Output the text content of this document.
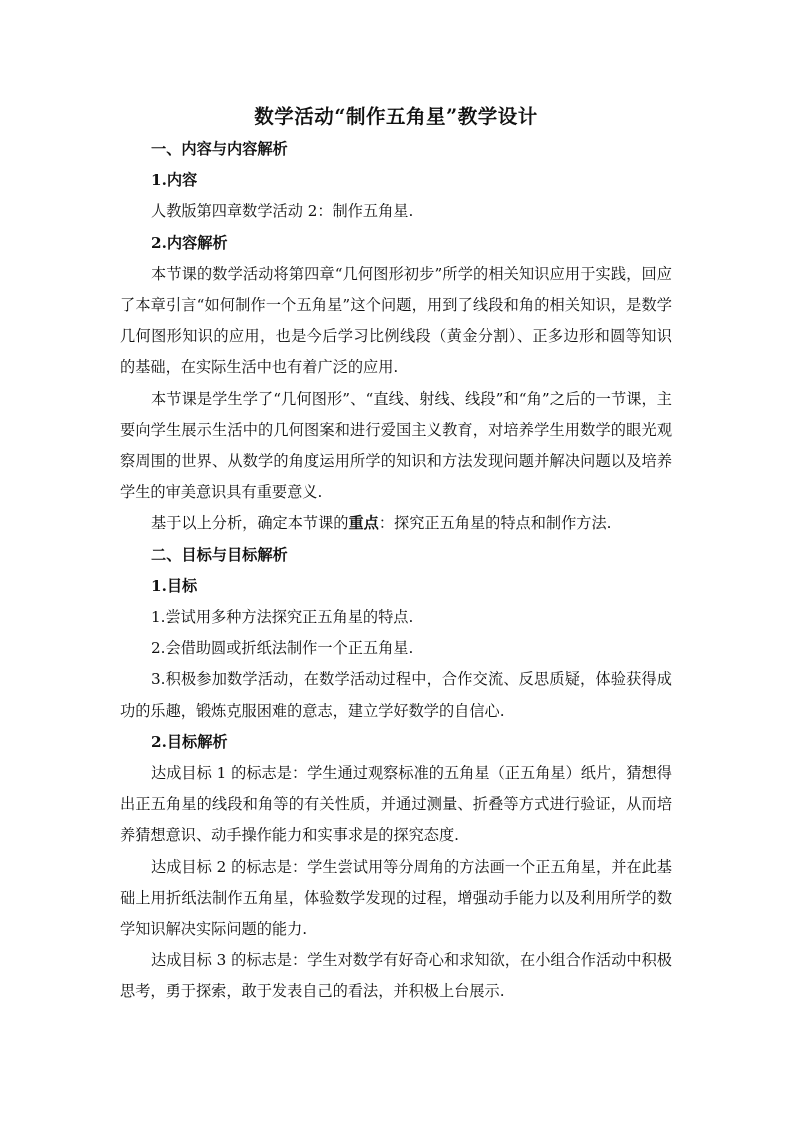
数学活动“制作五角星”教学设计

一、内容与内容解析

1.内容

人教版第四章数学活动 2：制作五角星.

2.内容解析

本节课的数学活动将第四章“几何图形初步”所学的相关知识应用于实践，回应了本章引言“如何制作一个五角星”这个问题，用到了线段和角的相关知识，是数学几何图形知识的应用，也是今后学习比例线段（黄金分割）、正多边形和圆等知识的基础，在实际生活中也有着广泛的应用.

本节课是学生学了“几何图形”、“直线、射线、线段”和“角”之后的一节课，主要向学生展示生活中的几何图案和进行爱国主义教育，对培养学生用数学的眼光观察周围的世界、从数学的角度运用所学的知识和方法发现问题并解决问题以及培养学生的审美意识具有重要意义.

基于以上分析，确定本节课的重点：探究正五角星的特点和制作方法.

二、目标与目标解析

1.目标

1.尝试用多种方法探究正五角星的特点.

2.会借助圆或折纸法制作一个正五角星.

3.积极参加数学活动，在数学活动过程中，合作交流、反思质疑，体验获得成功的乐趣，锻炼克服困难的意志，建立学好数学的自信心.

2.目标解析

达成目标 1 的标志是：学生通过观察标准的五角星（正五角星）纸片，猜想得出正五角星的线段和角等的有关性质，并通过测量、折叠等方式进行验证，从而培养猜想意识、动手操作能力和实事求是的探究态度.

达成目标 2 的标志是：学生尝试用等分周角的方法画一个正五角星，并在此基础上用折纸法制作五角星，体验数学发现的过程，增强动手能力以及利用所学的数学知识解决实际问题的能力.

达成目标 3 的标志是：学生对数学有好奇心和求知欲，在小组合作活动中积极思考，勇于探索，敢于发表自己的看法，并积极上台展示.
